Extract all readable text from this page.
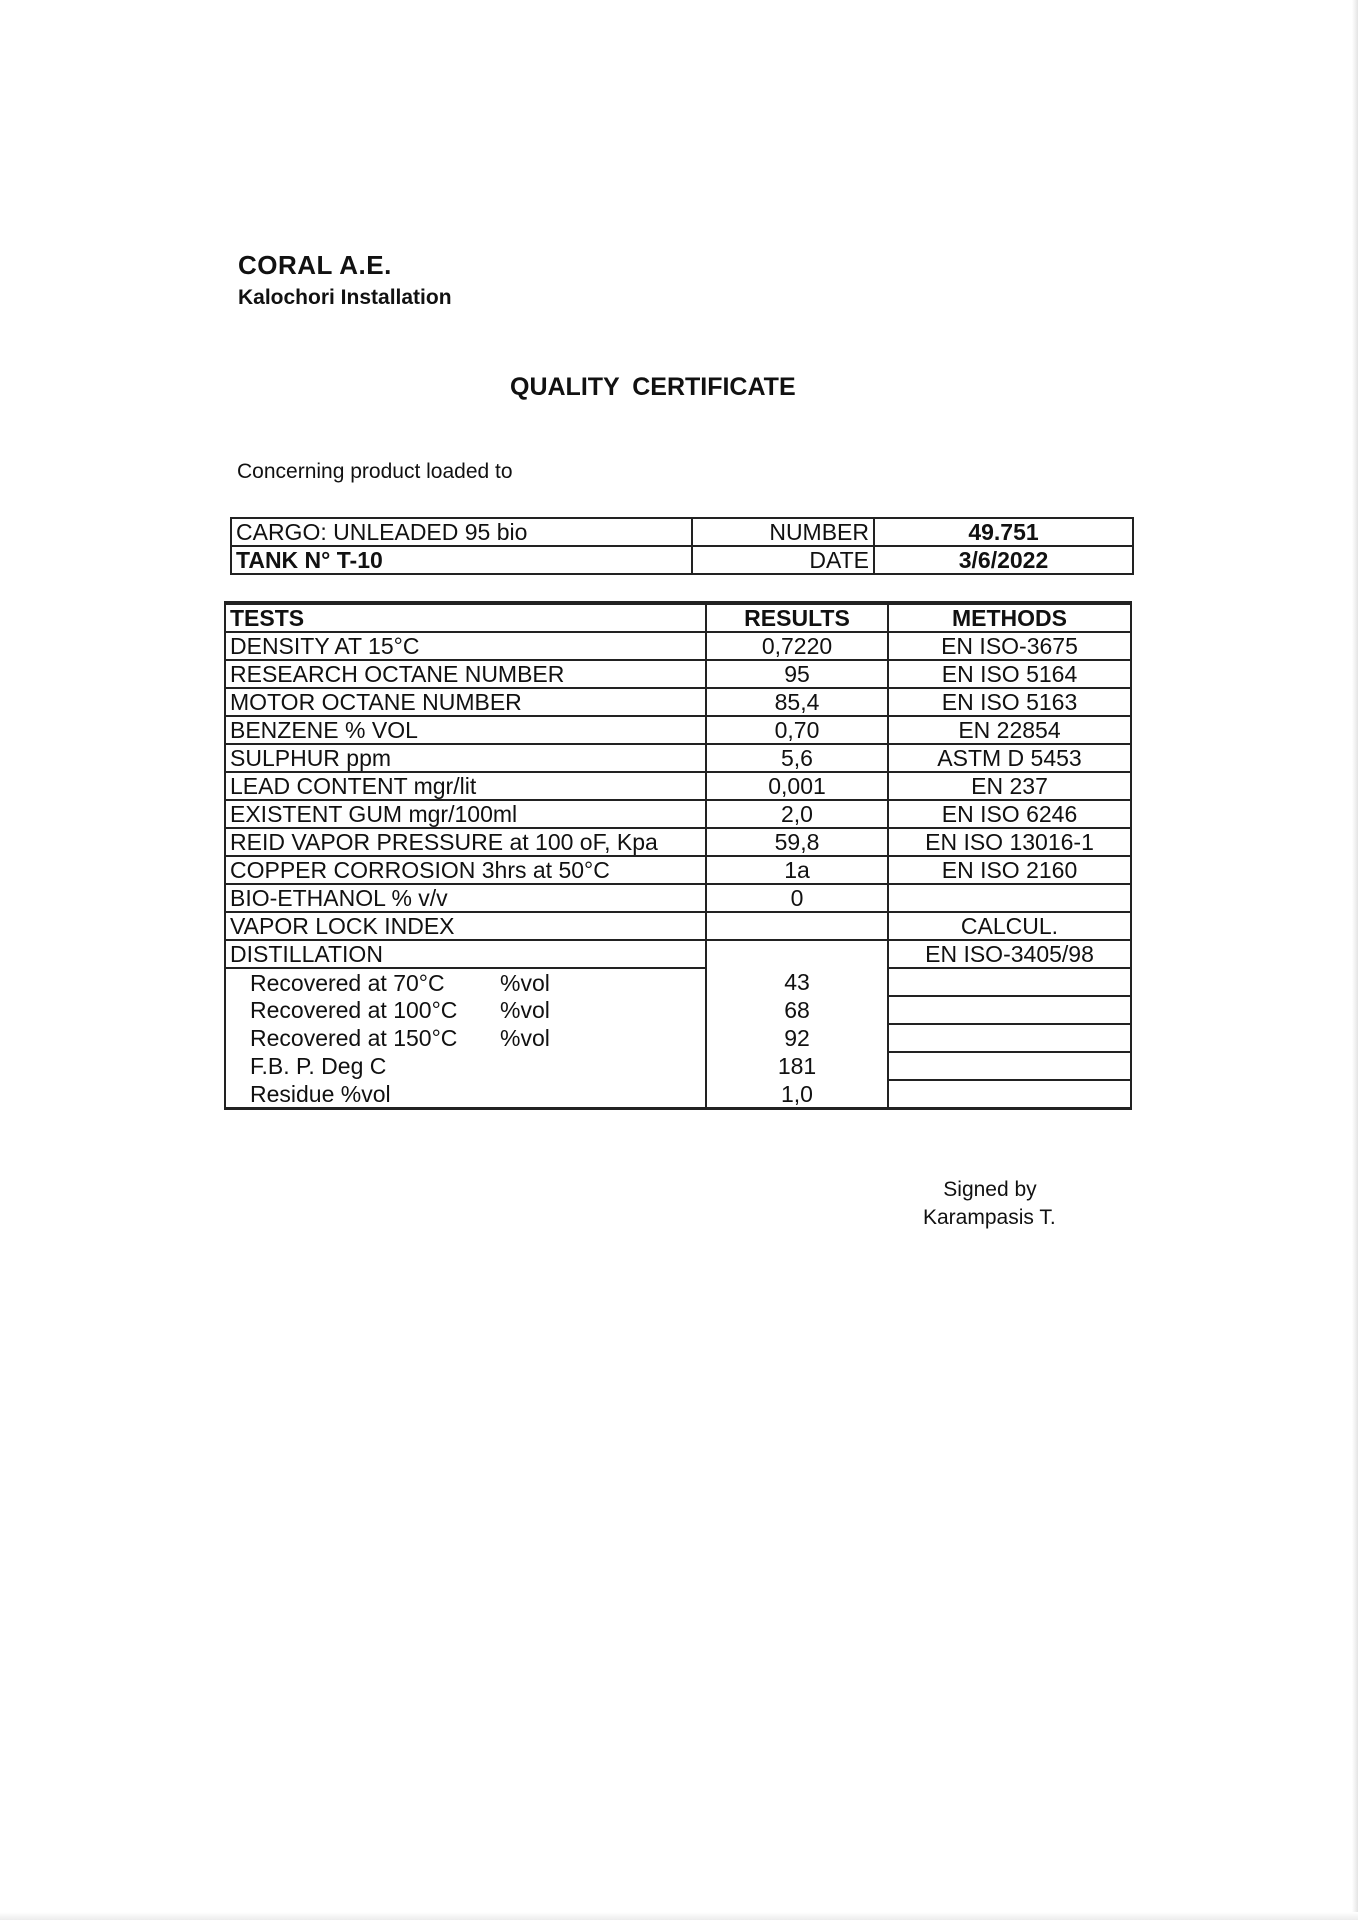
CORAL A.E.
Kalochori Installation
QUALITY CERTIFICATE
Concerning product loaded to
CARGO: UNLEADED 95 bio	NUMBER	49.751
TANK N° T-10	DATE	3/6/2022
TESTS	RESULTS	METHODS
DENSITY AT 15°C	0,7220	EN ISO-3675
RESEARCH OCTANE NUMBER	95	EN ISO 5164
MOTOR OCTANE NUMBER	85,4	EN ISO 5163
BENZENE % VOL	0,70	EN 22854
SULPHUR ppm	5,6	ASTM D 5453
LEAD CONTENT mgr/lit	0,001	EN 237
EXISTENT GUM mgr/100ml	2,0	EN ISO 6246
REID VAPOR PRESSURE at 100 oF, Kpa	59,8	EN ISO 13016-1
COPPER CORROSION 3hrs at 50°C	1a	EN ISO 2160
BIO-ETHANOL % v/v	0	
VAPOR LOCK INDEX		CALCUL.
DISTILLATION		EN ISO-3405/98
Recovered at 70°C %vol	43	
Recovered at 100°C %vol	68	
Recovered at 150°C %vol	92	
F.B. P. Deg C	181	
Residue %vol	1,0	
Signed by
Karampasis T.
